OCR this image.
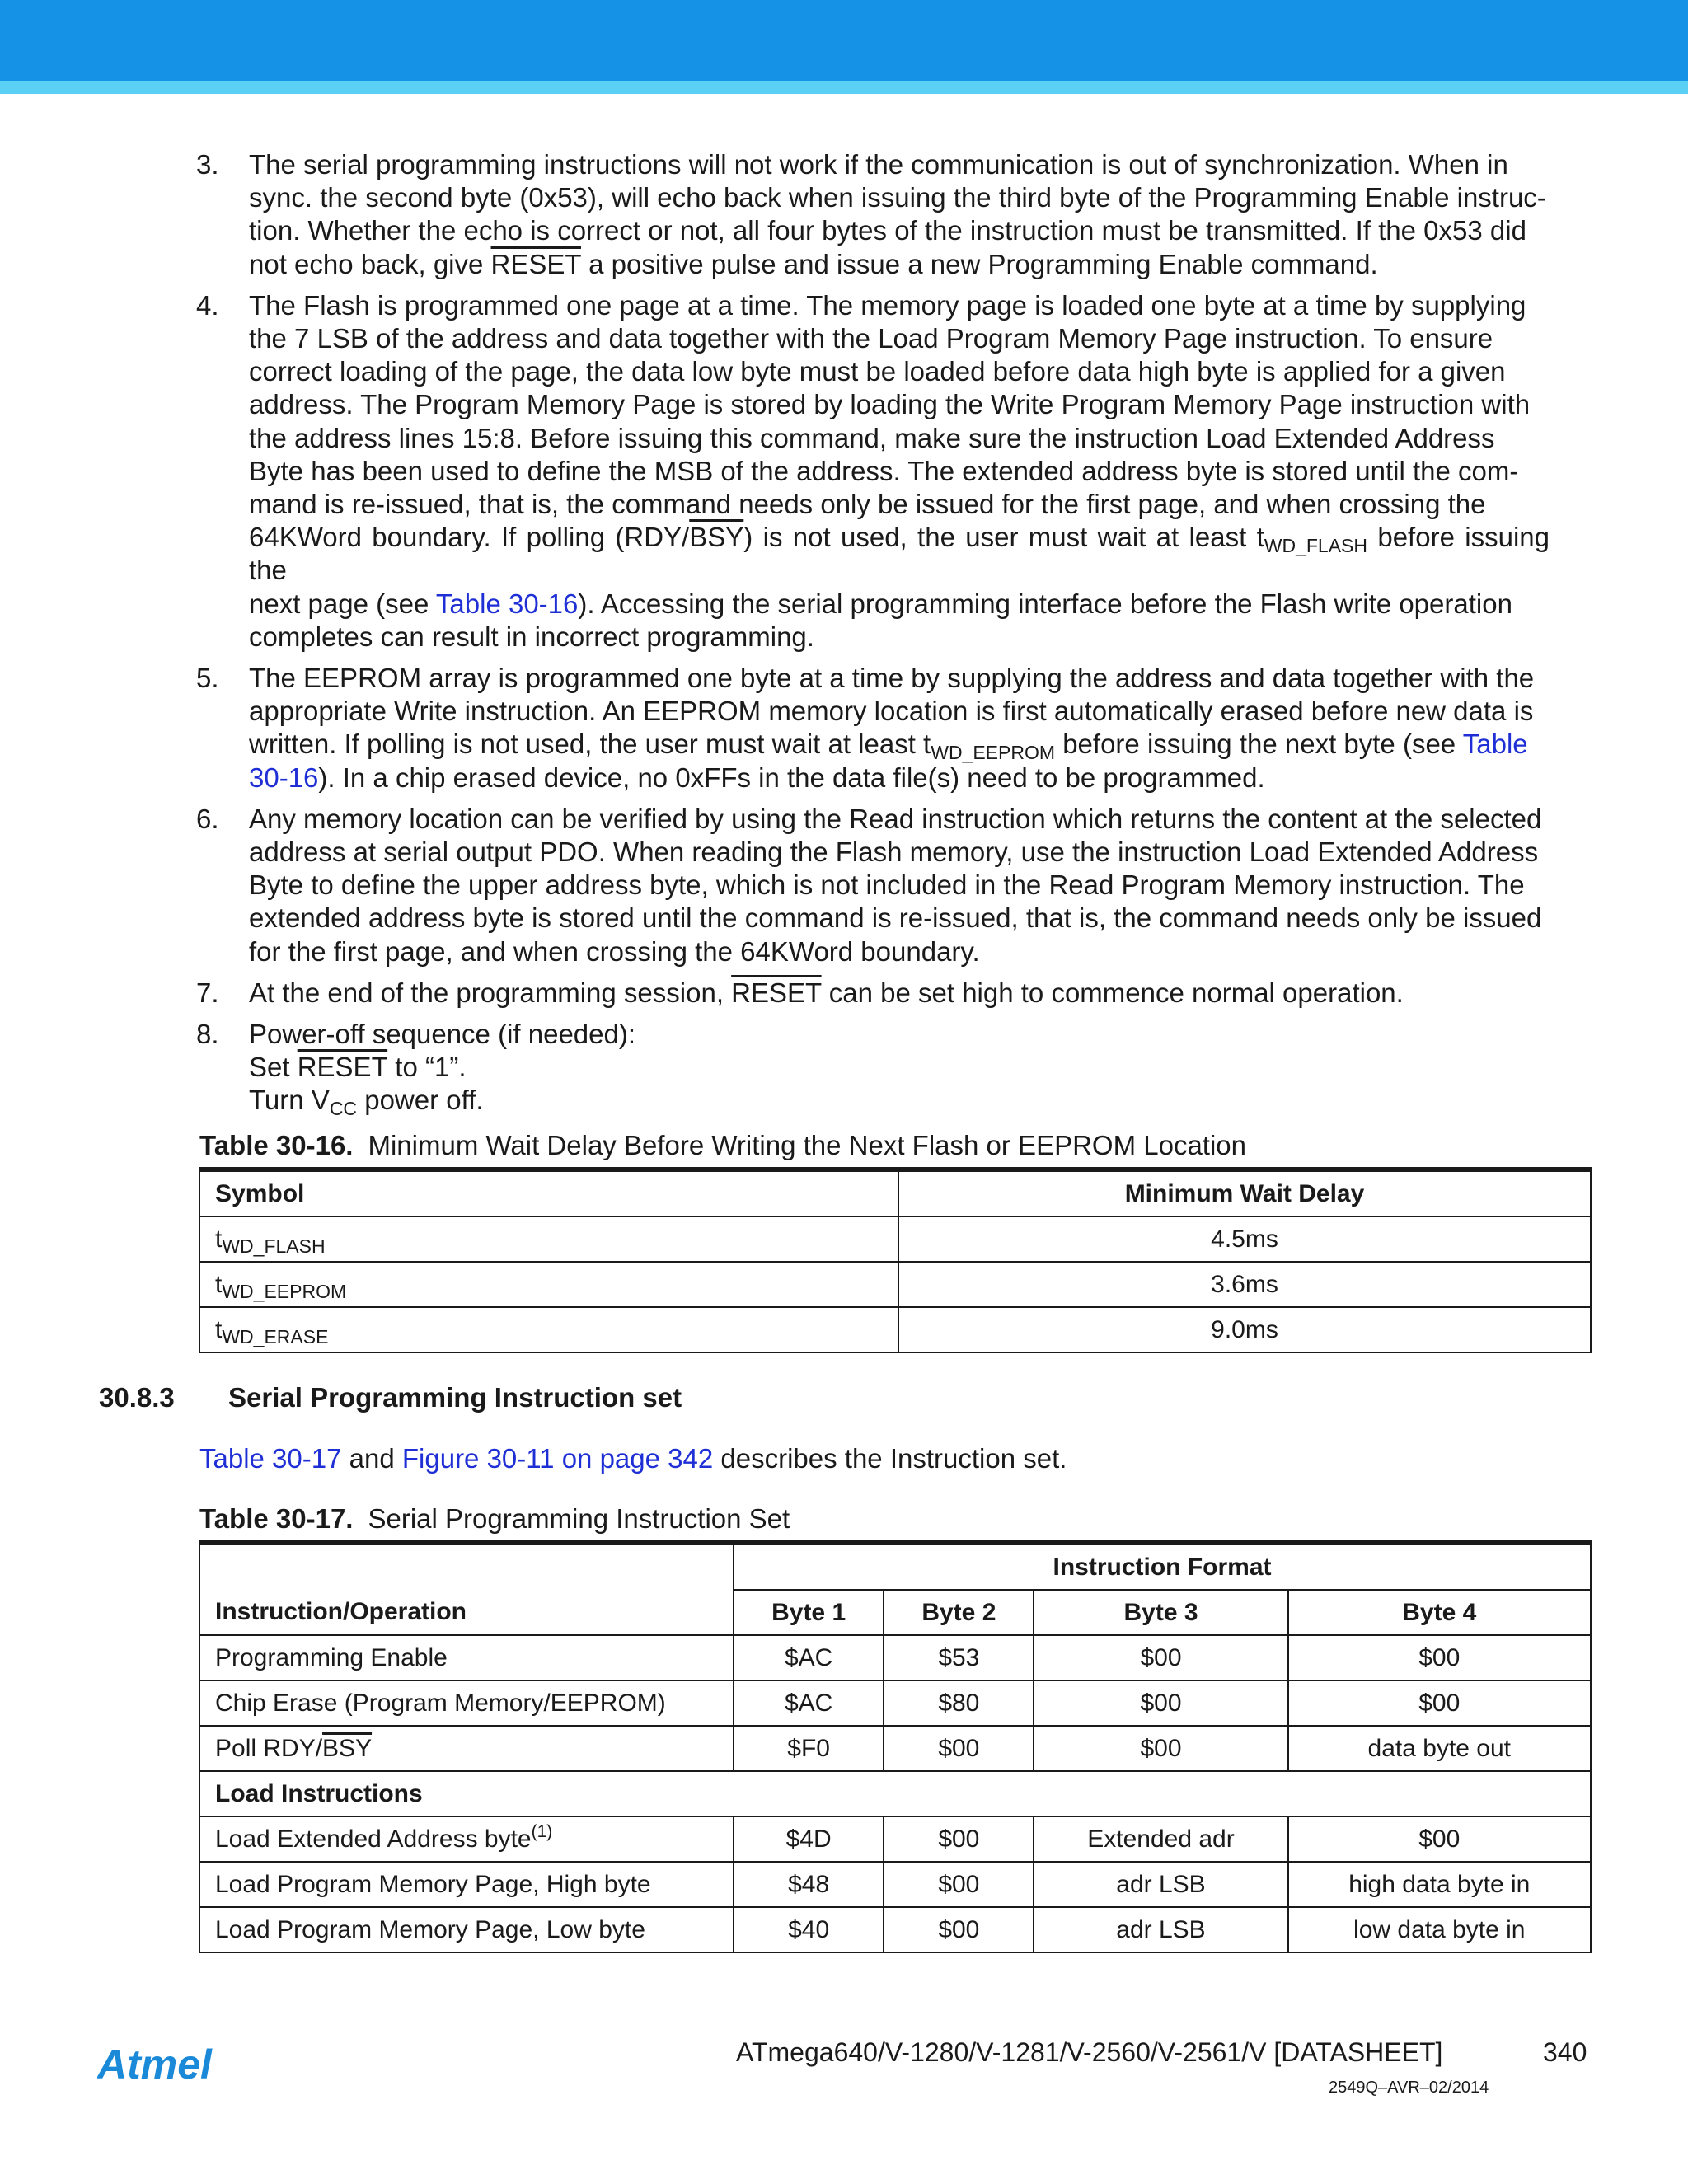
3.	The serial programming instructions will not work if the communication is out of synchronization. When in
sync. the second byte (0x53), will echo back when issuing the third byte of the Programming Enable instruc-
tion. Whether the echo is correct or not, all four bytes of the instruction must be transmitted. If the 0x53 did
not echo back, give RESET a positive pulse and issue a new Programming Enable command.
4.	The Flash is programmed one page at a time. The memory page is loaded one byte at a time by supplying
the 7 LSB of the address and data together with the Load Program Memory Page instruction. To ensure
correct loading of the page, the data low byte must be loaded before data high byte is applied for a given
address. The Program Memory Page is stored by loading the Write Program Memory Page instruction with
the address lines 15:8. Before issuing this command, make sure the instruction Load Extended Address
Byte has been used to define the MSB of the address. The extended address byte is stored until the com-
mand is re-issued, that is, the command needs only be issued for the first page, and when crossing the
64KWord boundary. If polling $(RDY/\overline{BSY})$ is not used, the user must wait at least $t_{WD\_FLASH}$ before issuing the
next page (see Table 30-16). Accessing the serial programming interface before the Flash write operation
completes can result in incorrect programming.
5.	The EEPROM array is programmed one byte at a time by supplying the address and data together with the
appropriate Write instruction. An EEPROM memory location is first automatically erased before new data is
written. If polling is not used, the user must wait at least $t_{WD\_EEPROM}$ before issuing the next byte (see Table
30-16). In a chip erased device, no 0xFFs in the data file(s) need to be programmed.
6.	Any memory location can be verified by using the Read instruction which returns the content at the selected
address at serial output PDO. When reading the Flash memory, use the instruction Load Extended Address
Byte to define the upper address byte, which is not included in the Read Program Memory instruction. The
extended address byte is stored until the command is re-issued, that is, the command needs only be issued
for the first page, and when crossing the 64KWord boundary.
7.	At the end of the programming session, RESET can be set high to commence normal operation.
8.	Power-off sequence (if needed):
Set RESET to “1”.
Turn $V_{CC}$ power off.
Table 30-16. Minimum Wait Delay Before Writing the Next Flash or EEPROM Location
Symbol	Minimum Wait Delay
$t_{WD\_FLASH}$	4.5ms
$t_{WD\_EEPROM}$	3.6ms
$t_{WD\_ERASE}$	9.0ms
30.8.3 Serial Programming Instruction set
Table 30-17 and Figure 30-11 on page 342 describes the Instruction set.
Table 30-17. Serial Programming Instruction Set
Instruction/Operation	Instruction Format			
	Byte 1	Byte 2	Byte 3	Byte 4
Programming Enable	$AC	$53	$00	$00
Chip Erase (Program Memory/EEPROM)	$AC	$80	$00	$00
Poll RDY/$\overline{BSY}$	$F0	$00	$00	data byte out
Load Instructions				
Load Extended Address byte$^{(1)}$	$4D	$00	Extended adr	$00
Load Program Memory Page, High byte	$48	$00	adr LSB	high data byte in
Load Program Memory Page, Low byte	$40	$00	adr LSB	low data byte in
Atmel	ATmega640/V-1280/V-1281/V-2560/V-2561/V [DATASHEET]	340
2549Q–AVR–02/2014
